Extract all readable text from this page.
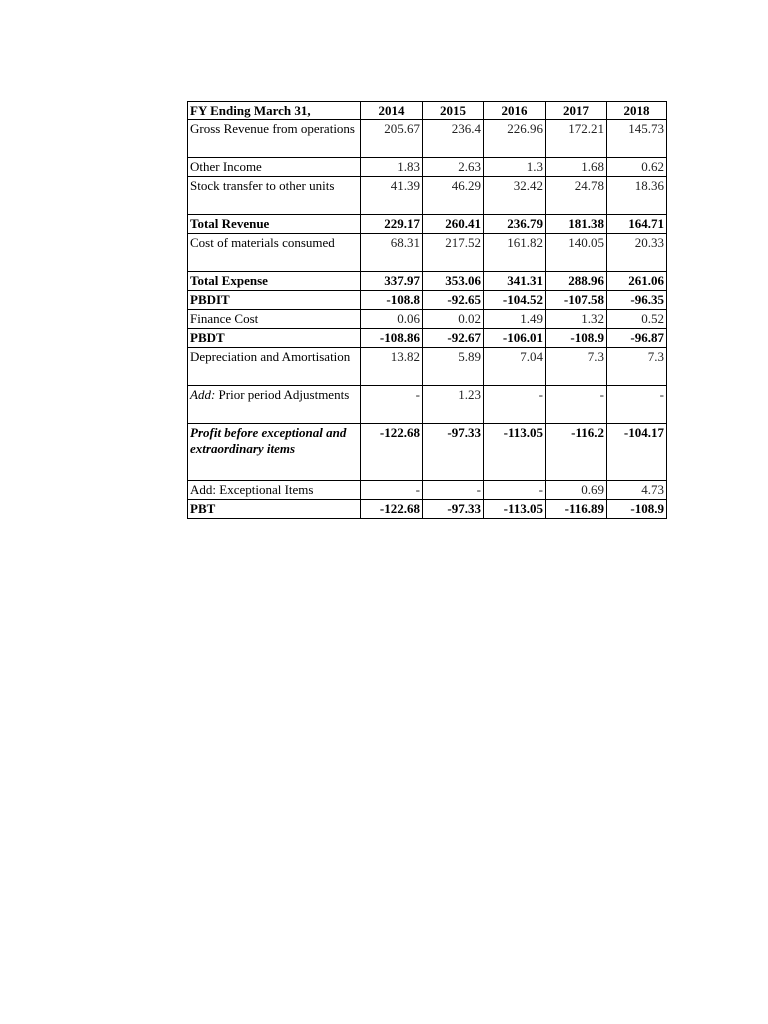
FY Ending March 31,	2014	2015	2016	2017	2018
Gross Revenue from operations	205.67	236.4	226.96	172.21	145.73
Other Income	1.83	2.63	1.3	1.68	0.62
Stock transfer to other units	41.39	46.29	32.42	24.78	18.36
Total Revenue	229.17	260.41	236.79	181.38	164.71
Cost of materials consumed	68.31	217.52	161.82	140.05	20.33
Total Expense	337.97	353.06	341.31	288.96	261.06
PBDIT	-108.8	-92.65	-104.52	-107.58	-96.35
Finance Cost	0.06	0.02	1.49	1.32	0.52
PBDT	-108.86	-92.67	-106.01	-108.9	-96.87
Depreciation and Amortisation	13.82	5.89	7.04	7.3	7.3
Add: Prior period Adjustments	-	1.23	-	-	-
Profit before exceptional and extraordinary items	-122.68	-97.33	-113.05	-116.2	-104.17
Add: Exceptional Items	-	-	-	0.69	4.73
PBT	-122.68	-97.33	-113.05	-116.89	-108.9
